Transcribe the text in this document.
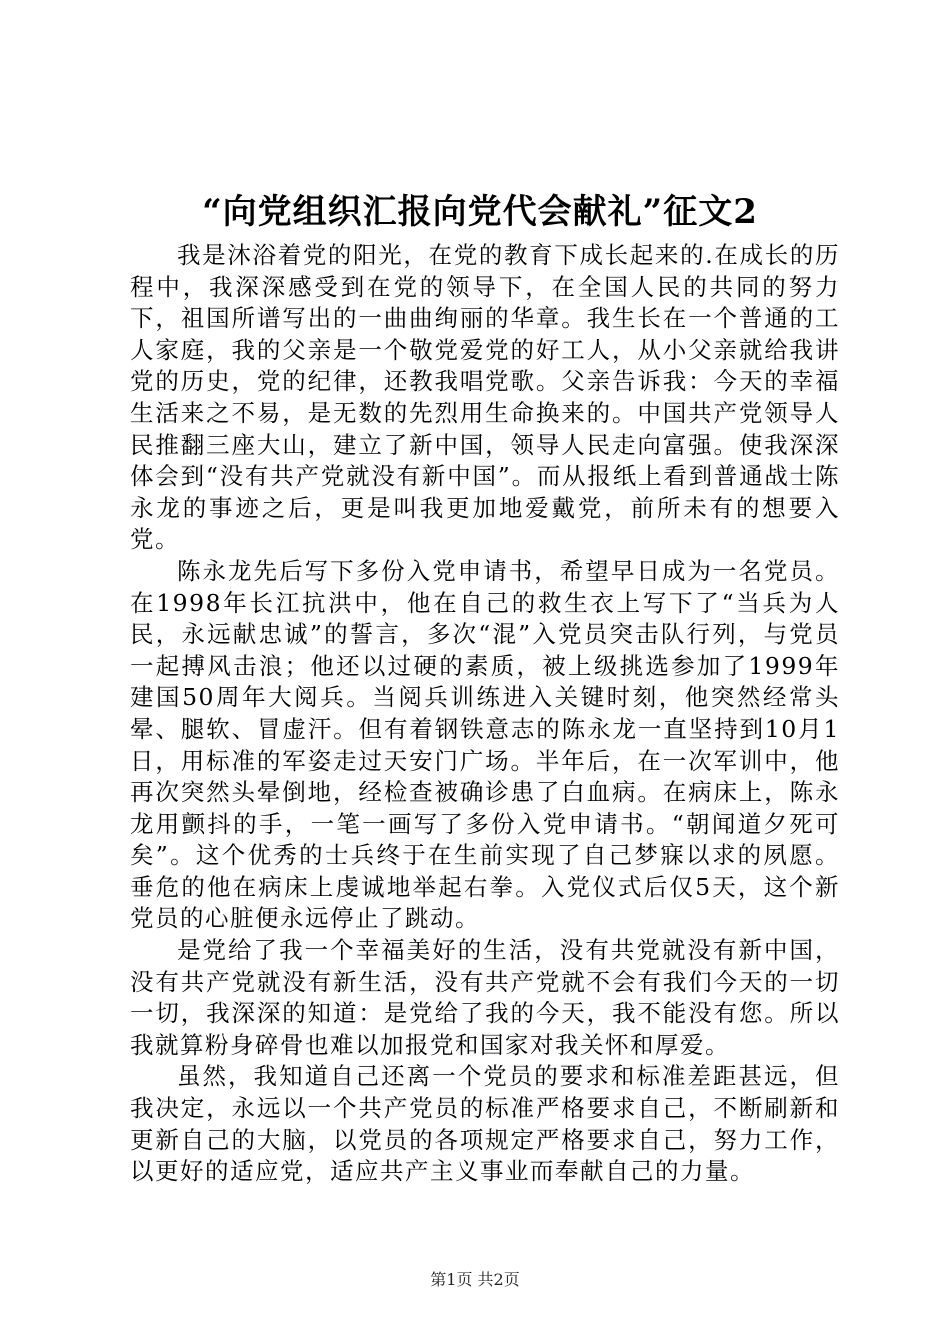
“向党组织汇报向党代会献礼”征文2

我是沐浴着党的阳光，在党的教育下成长起来的.在成长的历程中，我深深感受到在党的领导下，在全国人民的共同的努力下，祖国所谱写出的一曲曲绚丽的华章。我生长在一个普通的工人家庭，我的父亲是一个敬党爱党的好工人，从小父亲就给我讲党的历史，党的纪律，还教我唱党歌。父亲告诉我：今天的幸福生活来之不易，是无数的先烈用生命换来的。中国共产党领导人民推翻三座大山，建立了新中国，领导人民走向富强。使我深深体会到“没有共产党就没有新中国”。而从报纸上看到普通战士陈永龙的事迹之后，更是叫我更加地爱戴党，前所未有的想要入党。

陈永龙先后写下多份入党申请书，希望早日成为一名党员。在1998年长江抗洪中，他在自己的救生衣上写下了“当兵为人民，永远献忠诚”的誓言，多次“混”入党员突击队行列，与党员一起搏风击浪；他还以过硬的素质，被上级挑选参加了1999年建国50周年大阅兵。当阅兵训练进入关键时刻，他突然经常头晕、腿软、冒虚汗。但有着钢铁意志的陈永龙一直坚持到10月1日，用标准的军姿走过天安门广场。半年后，在一次军训中，他再次突然头晕倒地，经检查被确诊患了白血病。在病床上，陈永龙用颤抖的手，一笔一画写了多份入党申请书。“朝闻道夕死可矣”。这个优秀的士兵终于在生前实现了自己梦寐以求的夙愿。垂危的他在病床上虔诚地举起右拳。入党仪式后仅5天，这个新党员的心脏便永远停止了跳动。

是党给了我一个幸福美好的生活，没有共党就没有新中国，没有共产党就没有新生活，没有共产党就不会有我们今天的一切一切，我深深的知道：是党给了我的今天，我不能没有您。所以我就算粉身碎骨也难以加报党和国家对我关怀和厚爱。

虽然，我知道自己还离一个党员的要求和标准差距甚远，但我决定，永远以一个共产党员的标准严格要求自己，不断刷新和更新自己的大脑，以党员的各项规定严格要求自己，努力工作，以更好的适应党，适应共产主义事业而奉献自己的力量。

第1页 共2页
